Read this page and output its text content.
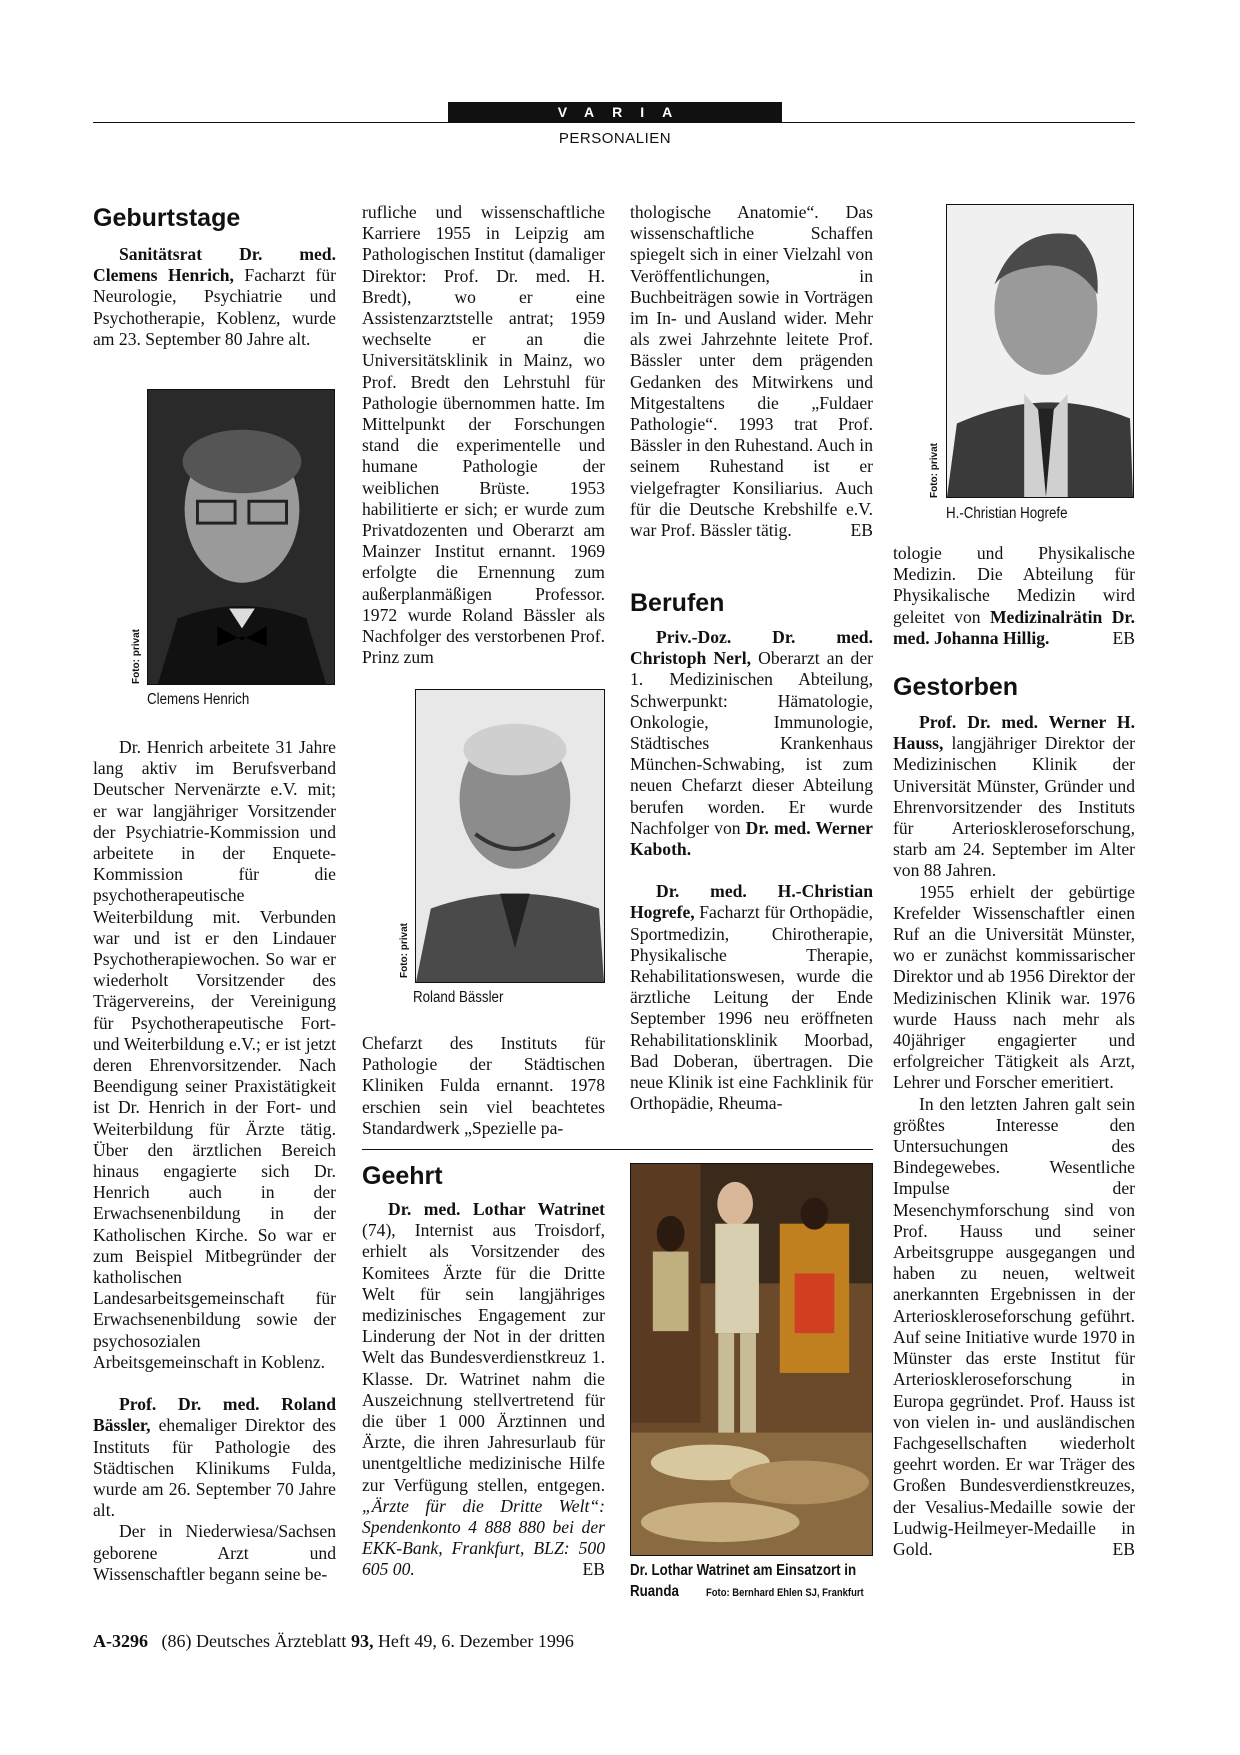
VARIA
PERSONALIEN
Geburtstage

Sanitätsrat Dr. med. Clemens Henrich, Facharzt für Neurologie, Psychiatrie und Psychotherapie, Koblenz, wurde am 23. September 80 Jahre alt.

Foto: privat
Clemens Henrich

Dr. Henrich arbeitete 31 Jahre lang aktiv im Berufsverband Deutscher Nervenärzte e.V. mit; er war langjähriger Vorsitzender der Psychiatrie-Kommission und arbeitete in der Enquete-Kommission für die psychotherapeutische Weiterbildung mit. Verbunden war und ist er den Lindauer Psychotherapiewochen. So war er wiederholt Vorsitzender des Trägervereins, der Vereinigung für Psychotherapeutische Fort- und Weiterbildung e.V.; er ist jetzt deren Ehrenvorsitzender. Nach Beendigung seiner Praxistätigkeit ist Dr. Henrich in der Fort- und Weiterbildung für Ärzte tätig. Über den ärztlichen Bereich hinaus engagierte sich Dr. Henrich auch in der Erwachsenenbildung in der Katholischen Kirche. So war er zum Beispiel Mitbegründer der katholischen Landesarbeitsgemeinschaft für Erwachsenenbildung sowie der psychosozialen Arbeitsgemeinschaft in Koblenz.

Prof. Dr. med. Roland Bässler, ehemaliger Direktor des Instituts für Pathologie des Städtischen Klinikums Fulda, wurde am 26. September 70 Jahre alt.

Der in Niederwiesa/Sachsen geborene Arzt und Wissenschaftler begann seine be-

rufliche und wissenschaftliche Karriere 1955 in Leipzig am Pathologischen Institut (damaliger Direktor: Prof. Dr. med. H. Bredt), wo er eine Assistenzarztstelle antrat; 1959 wechselte er an die Universitätsklinik in Mainz, wo Prof. Bredt den Lehrstuhl für Pathologie übernommen hatte. Im Mittelpunkt der Forschungen stand die experimentelle und humane Pathologie der weiblichen Brüste. 1953 habilitierte er sich; er wurde zum Privatdozenten und Oberarzt am Mainzer Institut ernannt. 1969 erfolgte die Ernennung zum außerplanmäßigen Professor. 1972 wurde Roland Bässler als Nachfolger des verstorbenen Prof. Prinz zum

Foto: privat
Roland Bässler

Chefarzt des Instituts für Pathologie der Städtischen Kliniken Fulda ernannt. 1978 erschien sein viel beachtetes Standardwerk „Spezielle pa-

thologische Anatomie“. Das wissenschaftliche Schaffen spiegelt sich in einer Vielzahl von Veröffentlichungen, in Buchbeiträgen sowie in Vorträgen im In- und Ausland wider. Mehr als zwei Jahrzehnte leitete Prof. Bässler unter dem prägenden Gedanken des Mitwirkens und Mitgestaltens die „Fuldaer Pathologie“. 1993 trat Prof. Bässler in den Ruhestand. Auch in seinem Ruhestand ist er vielgefragter Konsiliarius. Auch für die Deutsche Krebshilfe e.V. war Prof. Bässler tätig.	EB

Berufen

Priv.-Doz. Dr. med. Christoph Nerl, Oberarzt an der 1. Medizinischen Abteilung, Schwerpunkt: Hämatologie, Onkologie, Immunologie, Städtisches Krankenhaus München-Schwabing, ist zum neuen Chefarzt dieser Abteilung berufen worden. Er wurde Nachfolger von Dr. med. Werner Kaboth.

Dr. med. H.-Christian Hogrefe, Facharzt für Orthopädie, Sportmedizin, Chirotherapie, Physikalische Therapie, Rehabilitationswesen, wurde die ärztliche Leitung der Ende September 1996 neu eröffneten Rehabilitationsklinik Moorbad, Bad Doberan, übertragen. Die neue Klinik ist eine Fachklinik für Orthopädie, Rheuma-

Geehrt

Dr. med. Lothar Watrinet (74), Internist aus Troisdorf, erhielt als Vorsitzender des Komitees Ärzte für die Dritte Welt für sein langjähriges medizinisches Engagement zur Linderung der Not in der dritten Welt das Bundesverdienstkreuz 1. Klasse. Dr. Watrinet nahm die Auszeichnung stellvertretend für die über 1 000 Ärztinnen und Ärzte, die ihren Jahresurlaub für unentgeltliche medizinische Hilfe zur Verfügung stellen, entgegen. „Ärzte für die Dritte Welt“: Spendenkonto 4 888 880 bei der EKK-Bank, Frankfurt, BLZ: 500 605 00.	EB Dr. Lothar Watrinet am Einsatzort in
Ruanda Foto: Bernhard Ehlen SJ, Frankfurt
Foto: privat
H.-Christian Hogrefe

tologie und Physikalische Medizin. Die Abteilung für Physikalische Medizin wird geleitet von Medizinalrätin Dr. med. Johanna Hillig.	EB

Gestorben

Prof. Dr. med. Werner H. Hauss, langjähriger Direktor der Medizinischen Klinik der Universität Münster, Gründer und Ehrenvorsitzender des Instituts für Arterioskleroseforschung, starb am 24. September im Alter von 88 Jahren.

1955 erhielt der gebürtige Krefelder Wissenschaftler einen Ruf an die Universität Münster, wo er zunächst kommissarischer Direktor und ab 1956 Direktor der Medizinischen Klinik war. 1976 wurde Hauss nach mehr als 40jähriger engagierter und erfolgreicher Tätigkeit als Arzt, Lehrer und Forscher emeritiert.

In den letzten Jahren galt sein größtes Interesse den Untersuchungen des Bindegewebes. Wesentliche Impulse der Mesenchymforschung sind von Prof. Hauss und seiner Arbeitsgruppe ausgegangen und haben zu neuen, weltweit anerkannten Ergebnissen in der Arterioskleroseforschung geführt. Auf seine Initiative wurde 1970 in Münster das erste Institut für Arterioskleroseforschung in Europa gegründet. Prof. Hauss ist von vielen in- und ausländischen Fachgesellschaften wiederholt geehrt worden. Er war Träger des Großen Bundesverdienstkreuzes, der Vesalius-Medaille sowie der Ludwig-Heilmeyer-Medaille in Gold.	EB

A-3296 (86) Deutsches Ärzteblatt 93, Heft 49, 6. Dezember 1996
